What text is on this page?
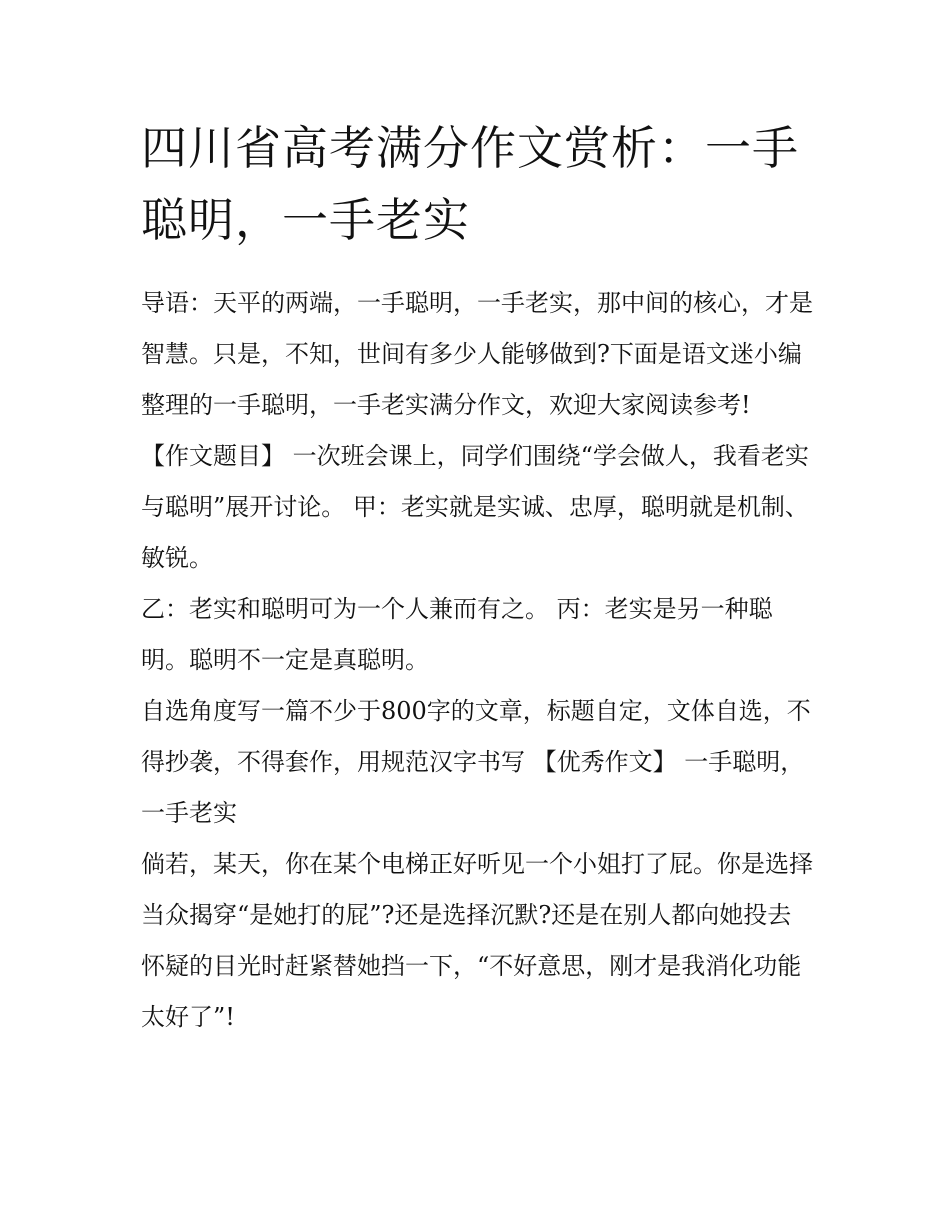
四川省高考满分作文赏析：一手聪明，一手老实

导语：天平的两端，一手聪明，一手老实，那中间的核心，才是智慧。只是，不知，世间有多少人能够做到?下面是语文迷小编整理的一手聪明，一手老实满分作文，欢迎大家阅读参考!

【作文题目】 一次班会课上，同学们围绕“学会做人，我看老实与聪明”展开讨论。 甲：老实就是实诚、忠厚，聪明就是机制、敏锐。

乙：老实和聪明可为一个人兼而有之。 丙：老实是另一种聪明。聪明不一定是真聪明。

自选角度写一篇不少于800字的文章，标题自定，文体自选，不得抄袭，不得套作，用规范汉字书写 【优秀作文】 一手聪明，一手老实

倘若，某天，你在某个电梯正好听见一个小姐打了屁。你是选择当众揭穿“是她打的屁”?还是选择沉默?还是在别人都向她投去怀疑的目光时赶紧替她挡一下，“不好意思，刚才是我消化功能太好了”!
